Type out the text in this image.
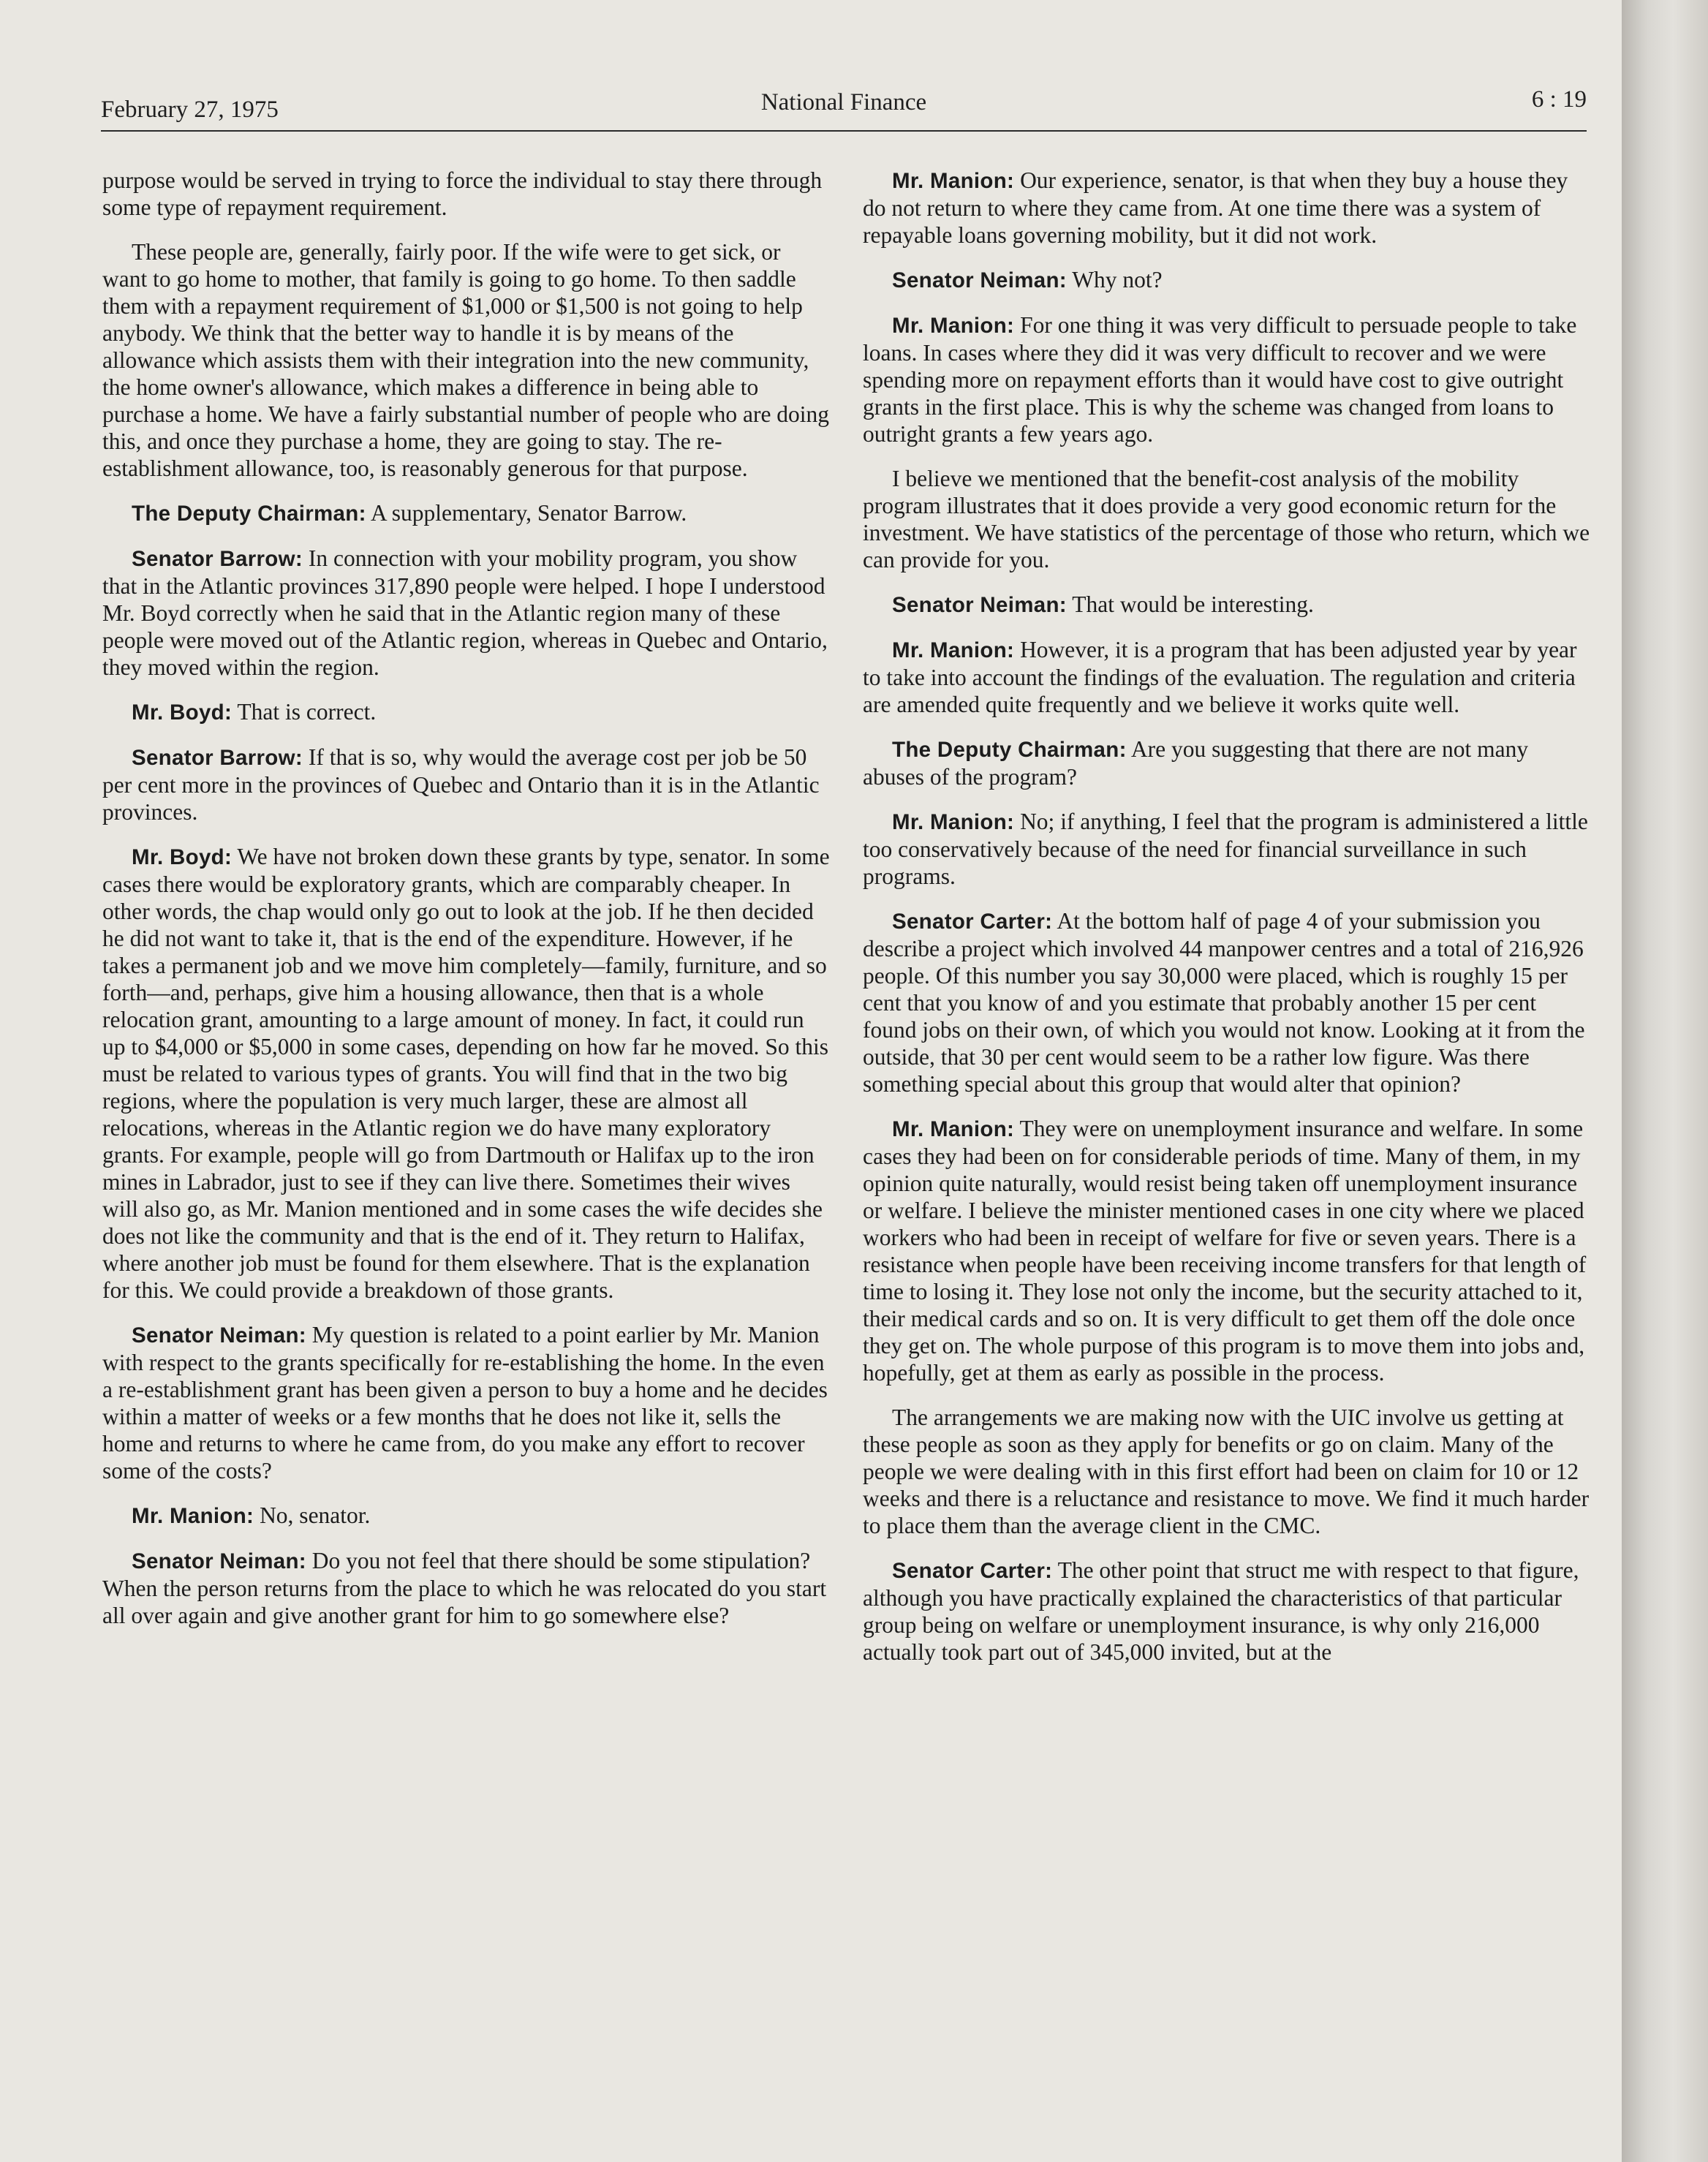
February 27, 1975	National Finance	6 : 19

purpose would be served in trying to force the individual to stay there through some type of repayment requirement.

These people are, generally, fairly poor. If the wife were to get sick, or want to go home to mother, that family is going to go home. To then saddle them with a repayment requirement of $1,000 or $1,500 is not going to help anybody. We think that the better way to handle it is by means of the allowance which assists them with their integration into the new community, the home owner's allowance, which makes a difference in being able to purchase a home. We have a fairly substantial number of people who are doing this, and once they purchase a home, they are going to stay. The re-establishment allowance, too, is reasonably generous for that purpose.

The Deputy Chairman: A supplementary, Senator Barrow.

Senator Barrow: In connection with your mobility program, you show that in the Atlantic provinces 317,890 people were helped. I hope I understood Mr. Boyd correctly when he said that in the Atlantic region many of these people were moved out of the Atlantic region, whereas in Quebec and Ontario, they moved within the region.

Mr. Boyd: That is correct.

Senator Barrow: If that is so, why would the average cost per job be 50 per cent more in the provinces of Quebec and Ontario than it is in the Atlantic provinces.

Mr. Boyd: We have not broken down these grants by type, senator. In some cases there would be exploratory grants, which are comparably cheaper. In other words, the chap would only go out to look at the job. If he then decided he did not want to take it, that is the end of the expenditure. However, if he takes a permanent job and we move him completely—family, furniture, and so forth—and, perhaps, give him a housing allowance, then that is a whole relocation grant, amounting to a large amount of money. In fact, it could run up to $4,000 or $5,000 in some cases, depending on how far he moved. So this must be related to various types of grants. You will find that in the two big regions, where the population is very much larger, these are almost all relocations, whereas in the Atlantic region we do have many exploratory grants. For example, people will go from Dartmouth or Halifax up to the iron mines in Labrador, just to see if they can live there. Sometimes their wives will also go, as Mr. Manion mentioned and in some cases the wife decides she does not like the community and that is the end of it. They return to Halifax, where another job must be found for them elsewhere. That is the explanation for this. We could provide a breakdown of those grants.

Senator Neiman: My question is related to a point earlier by Mr. Manion with respect to the grants specifically for re-establishing the home. In the even a re-establishment grant has been given a person to buy a home and he decides within a matter of weeks or a few months that he does not like it, sells the home and returns to where he came from, do you make any effort to recover some of the costs?

Mr. Manion: No, senator.

Senator Neiman: Do you not feel that there should be some stipulation? When the person returns from the place to which he was relocated do you start all over again and give another grant for him to go somewhere else?

Mr. Manion: Our experience, senator, is that when they buy a house they do not return to where they came from. At one time there was a system of repayable loans governing mobility, but it did not work.

Senator Neiman: Why not?

Mr. Manion: For one thing it was very difficult to persuade people to take loans. In cases where they did it was very difficult to recover and we were spending more on repayment efforts than it would have cost to give outright grants in the first place. This is why the scheme was changed from loans to outright grants a few years ago.

I believe we mentioned that the benefit-cost analysis of the mobility program illustrates that it does provide a very good economic return for the investment. We have statistics of the percentage of those who return, which we can provide for you.

Senator Neiman: That would be interesting.

Mr. Manion: However, it is a program that has been adjusted year by year to take into account the findings of the evaluation. The regulation and criteria are amended quite frequently and we believe it works quite well.

The Deputy Chairman: Are you suggesting that there are not many abuses of the program?

Mr. Manion: No; if anything, I feel that the program is administered a little too conservatively because of the need for financial surveillance in such programs.

Senator Carter: At the bottom half of page 4 of your submission you describe a project which involved 44 manpower centres and a total of 216,926 people. Of this number you say 30,000 were placed, which is roughly 15 per cent that you know of and you estimate that probably another 15 per cent found jobs on their own, of which you would not know. Looking at it from the outside, that 30 per cent would seem to be a rather low figure. Was there something special about this group that would alter that opinion?

Mr. Manion: They were on unemployment insurance and welfare. In some cases they had been on for considerable periods of time. Many of them, in my opinion quite naturally, would resist being taken off unemployment insurance or welfare. I believe the minister mentioned cases in one city where we placed workers who had been in receipt of welfare for five or seven years. There is a resistance when people have been receiving income transfers for that length of time to losing it. They lose not only the income, but the security attached to it, their medical cards and so on. It is very difficult to get them off the dole once they get on. The whole purpose of this program is to move them into jobs and, hopefully, get at them as early as possible in the process.

The arrangements we are making now with the UIC involve us getting at these people as soon as they apply for benefits or go on claim. Many of the people we were dealing with in this first effort had been on claim for 10 or 12 weeks and there is a reluctance and resistance to move. We find it much harder to place them than the average client in the CMC.

Senator Carter: The other point that struct me with respect to that figure, although you have practically explained the characteristics of that particular group being on welfare or unemployment insurance, is why only 216,000 actually took part out of 345,000 invited, but at the
